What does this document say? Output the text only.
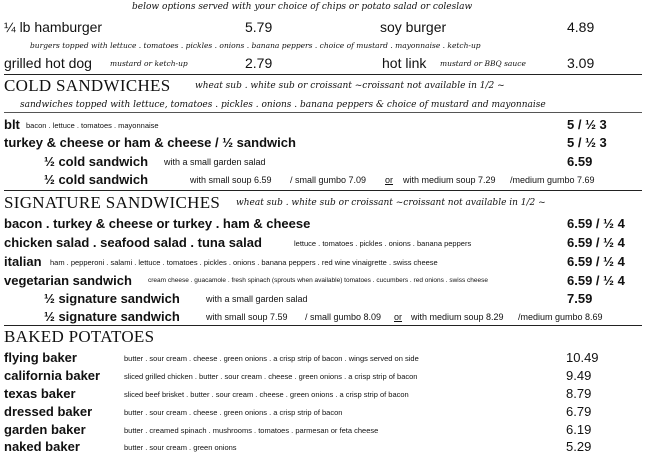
below options served with your choice of chips or potato salad or coleslaw
¼ lb hamburger	5.79	soy burger	4.89
burgers topped with lettuce . tomatoes . pickles . onions . banana peppers . choice of mustard . mayonnaise . ketch-up
grilled hot dog mustard or ketch-up	2.79	hot link mustard or BBQ sauce	3.09
COLD SANDWICHES	wheat sub . white sub or croissant ~croissant not available in 1/2 ~
sandwiches topped with lettuce, tomatoes . pickles . onions . banana peppers & choice of mustard and mayonnaise
blt bacon . lettuce . tomatoes . mayonnaise	5 / ½ 3
turkey & cheese or ham & cheese / ½ sandwich	5 / ½ 3
½ cold sandwich with a small garden salad	6.59
½ cold sandwich	with small soup 6.59 / small gumbo 7.09 or with medium soup 7.29 /medium gumbo 7.69
SIGNATURE SANDWICHES wheat sub . white sub or croissant ~croissant not available in 1/2 ~
bacon . turkey & cheese or turkey . ham & cheese	6.59 / ½ 4
chicken salad . seafood salad . tuna salad	lettuce . tomatoes . pickles . onions . banana peppers	6.59 / ½ 4
italian ham . pepperoni . salami . lettuce . tomatoes . pickles . onions . banana peppers . red wine vinaigrette . swiss cheese	6.59 / ½ 4
vegetarian sandwich cream cheese . guacamole . fresh spinach (sprouts when available) tomatoes . cucumbers . red onions . swiss cheese	6.59 / ½ 4
½ signature sandwich	with a small garden salad	7.59
½ signature sandwich	with small soup 7.59 / small gumbo 8.09 or with medium soup 8.29 /medium gumbo 8.69
BAKED POTATOES
flying baker	butter . sour cream . cheese . green onions . a crisp strip of bacon . wings served on side	10.49
california baker	sliced grilled chicken . butter . sour cream . cheese . green onions . a crisp strip of bacon	9.49
texas baker	sliced beef brisket . butter . sour cream . cheese . green onions . a crisp strip of bacon	8.79
dressed baker	butter . sour cream . cheese . green onions . a crisp strip of bacon	6.79
garden baker	butter . creamed spinach . mushrooms . tomatoes . parmesan or feta cheese	6.19
naked baker	butter . sour cream . green onions	5.29
